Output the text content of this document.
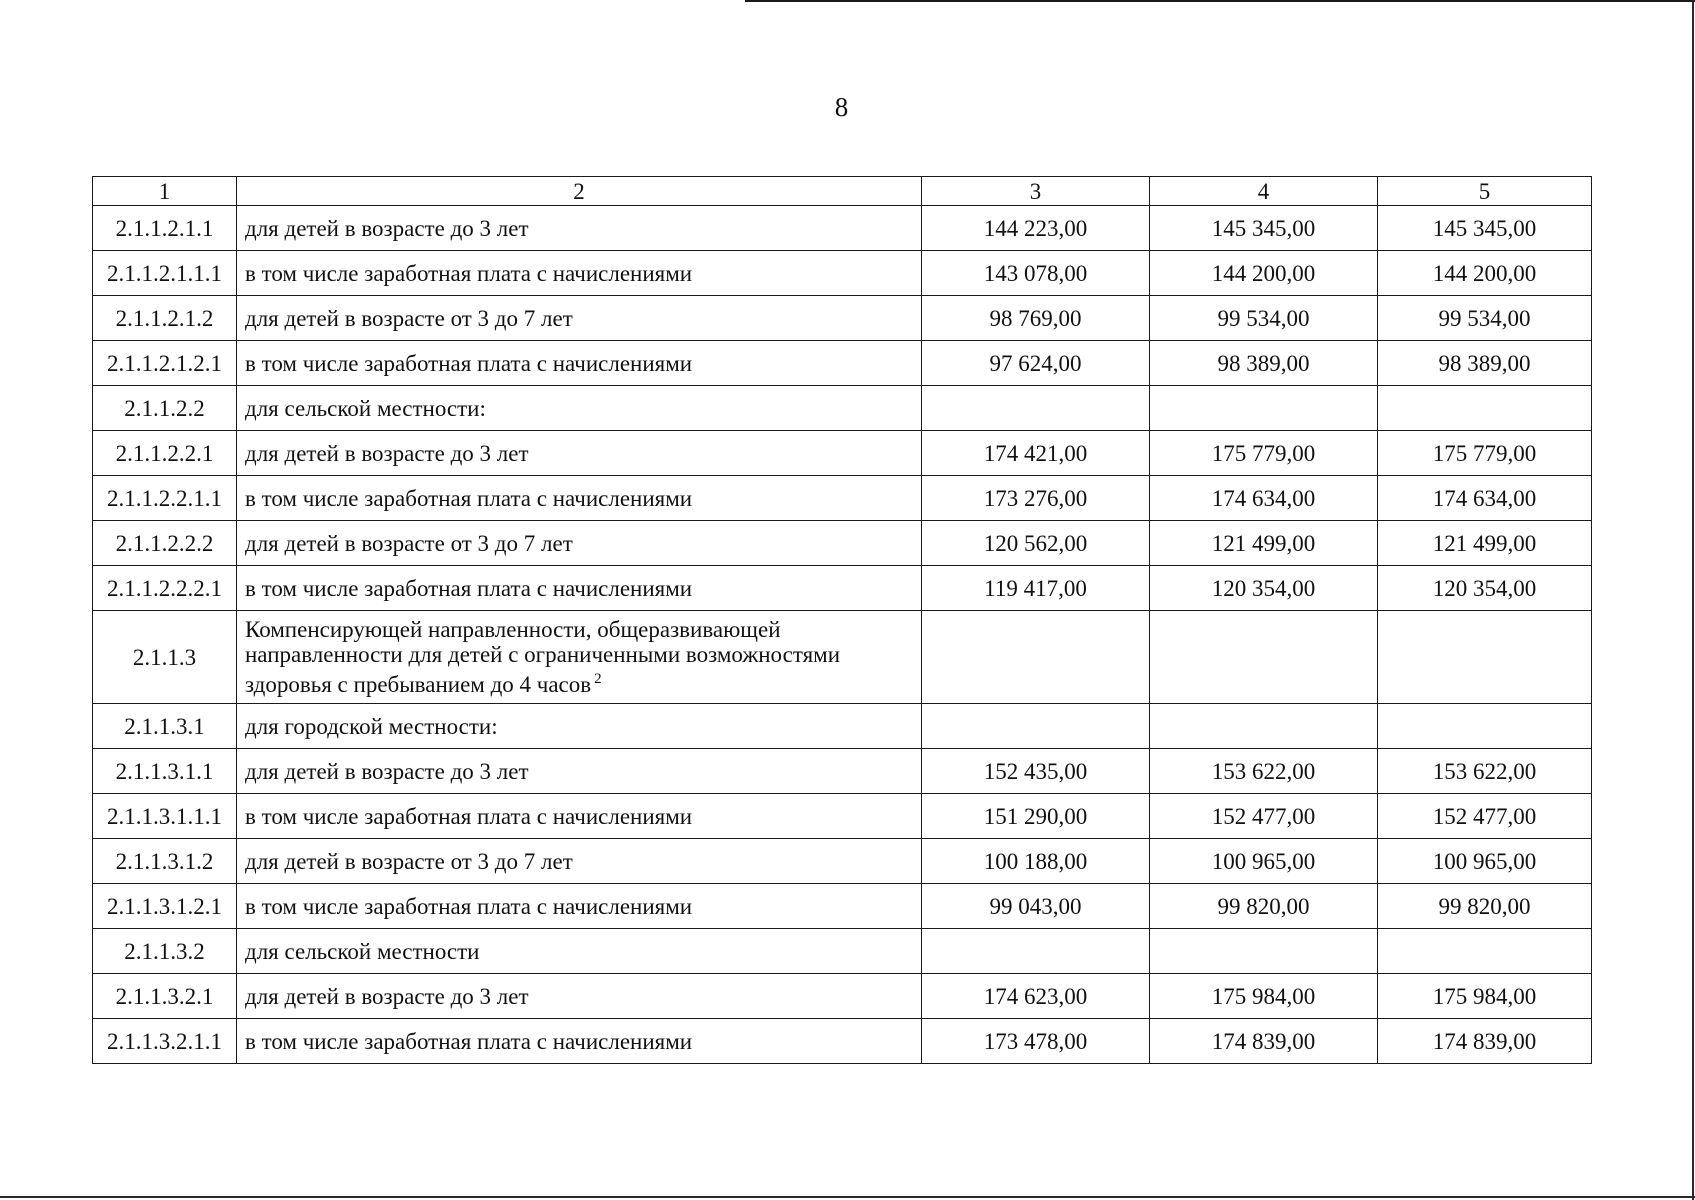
8
1	2	3	4	5
2.1.1.2.1.1	для детей в возрасте до 3 лет	144 223,00	145 345,00	145 345,00
2.1.1.2.1.1.1	в том числе заработная плата с начислениями	143 078,00	144 200,00	144 200,00
2.1.1.2.1.2	для детей в возрасте от 3 до 7 лет	98 769,00	99 534,00	99 534,00
2.1.1.2.1.2.1	в том числе заработная плата с начислениями	97 624,00	98 389,00	98 389,00
2.1.1.2.2	для сельской местности:			
2.1.1.2.2.1	для детей в возрасте до 3 лет	174 421,00	175 779,00	175 779,00
2.1.1.2.2.1.1	в том числе заработная плата с начислениями	173 276,00	174 634,00	174 634,00
2.1.1.2.2.2	для детей в возрасте от 3 до 7 лет	120 562,00	121 499,00	121 499,00
2.1.1.2.2.2.1	в том числе заработная плата с начислениями	119 417,00	120 354,00	120 354,00
2.1.1.3	Компенсирующей направленности, общеразвивающей направленности для детей с ограниченными возможностями здоровья с пребыванием до 4 часов $^2$			
2.1.1.3.1	для городской местности:			
2.1.1.3.1.1	для детей в возрасте до 3 лет	152 435,00	153 622,00	153 622,00
2.1.1.3.1.1.1	в том числе заработная плата с начислениями	151 290,00	152 477,00	152 477,00
2.1.1.3.1.2	для детей в возрасте от 3 до 7 лет	100 188,00	100 965,00	100 965,00
2.1.1.3.1.2.1	в том числе заработная плата с начислениями	99 043,00	99 820,00	99 820,00
2.1.1.3.2	для сельской местности			
2.1.1.3.2.1	для детей в возрасте до 3 лет	174 623,00	175 984,00	175 984,00
2.1.1.3.2.1.1	в том числе заработная плата с начислениями	173 478,00	174 839,00	174 839,00
